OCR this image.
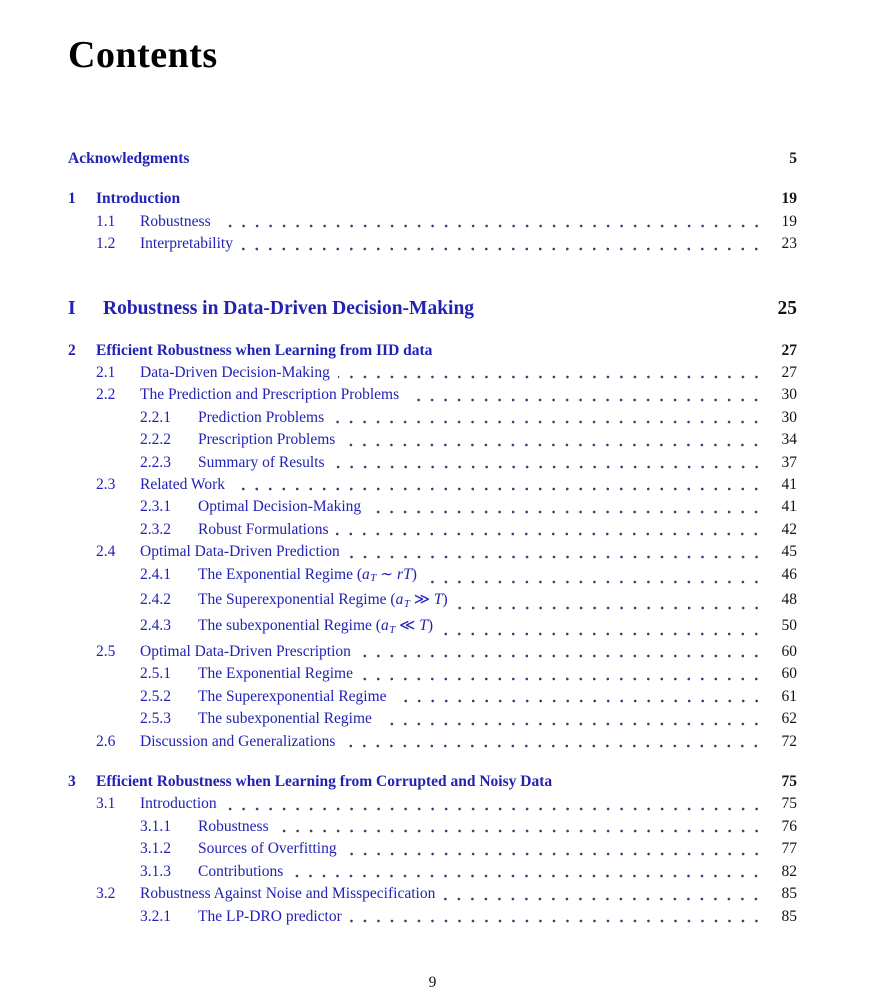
Contents
Acknowledgments	5
1	Introduction	19
1.1	Robustness	19
1.2	Interpretability	23
I	Robustness in Data-Driven Decision-Making	25
2	Efficient Robustness when Learning from IID data	27
2.1	Data-Driven Decision-Making	27
2.2	The Prediction and Prescription Problems	30
2.2.1	Prediction Problems	30
2.2.2	Prescription Problems	34
2.2.3	Summary of Results	37
2.3	Related Work	41
2.3.1	Optimal Decision-Making	41
2.3.2	Robust Formulations	42
2.4	Optimal Data-Driven Prediction	45
2.4.1	The Exponential Regime (aT ∼ rT)	46
2.4.2	The Superexponential Regime (aT ≫ T)	48
2.4.3	The subexponential Regime (aT ≪ T)	50
2.5	Optimal Data-Driven Prescription	60
2.5.1	The Exponential Regime	60
2.5.2	The Superexponential Regime	61
2.5.3	The subexponential Regime	62
2.6	Discussion and Generalizations	72
3	Efficient Robustness when Learning from Corrupted and Noisy Data	75
3.1	Introduction	75
3.1.1	Robustness	76
3.1.2	Sources of Overfitting	77
3.1.3	Contributions	82
3.2	Robustness Against Noise and Misspecification	85
3.2.1	The LP-DRO predictor	85
9
